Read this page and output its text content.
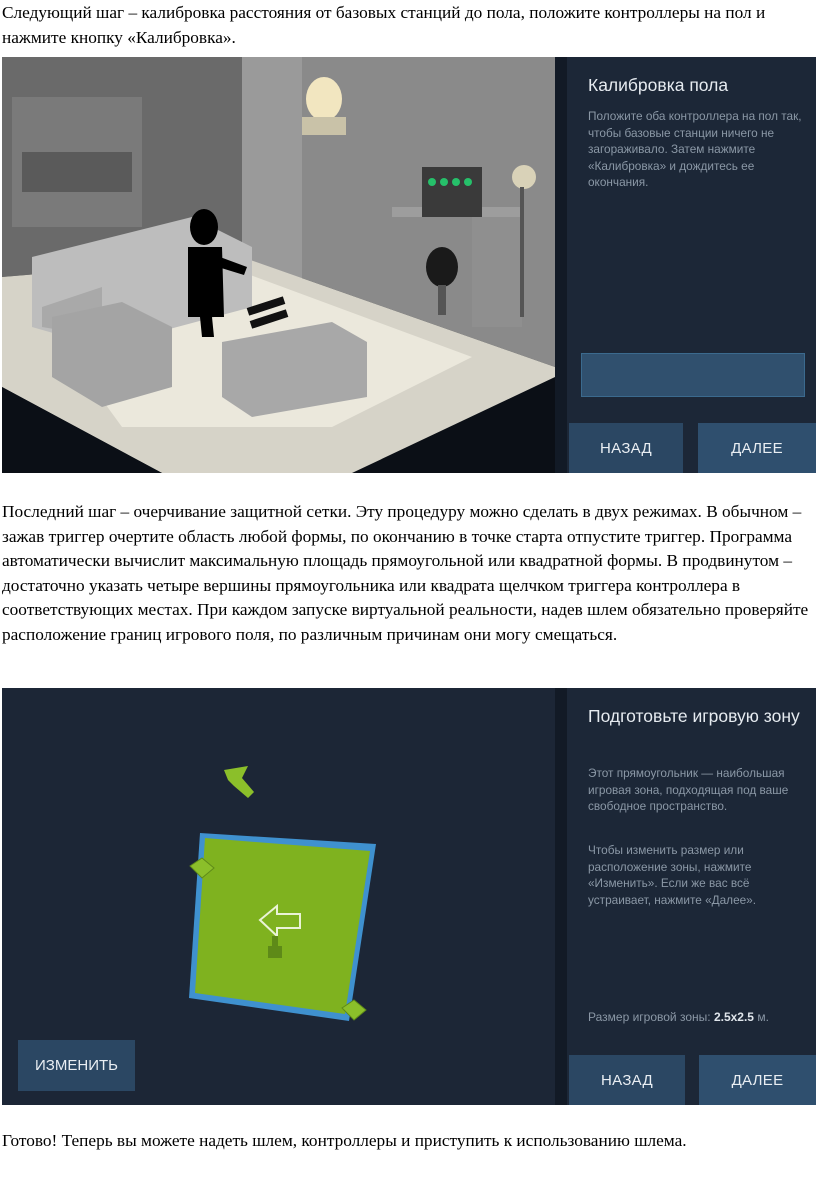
Следующий шаг – калибровка расстояния от базовых станций до пола, положите контроллеры на пол и нажмите кнопку «Калибровка».

Калибровка пола
Положите оба контроллера на пол так, чтобы базовые станции ничего не загораживало. Затем нажмите «Калибровка» и дождитесь ее окончания.
НАЗАД	ДАЛЕЕ

Последний шаг – очерчивание защитной сетки. Эту процедуру можно сделать в двух режимах. В обычном – зажав триггер очертите область любой формы, по окончанию в точке старта отпустите триггер. Программа автоматически вычислит максимальную площадь прямоугольной или квадратной формы. В продвинутом – достаточно указать четыре вершины прямоугольника или квадрата щелчком триггера контроллера в соответствующих местах. При каждом запуске виртуальной реальности, надев шлем обязательно проверяйте расположение границ игрового поля, по различным причинам они могу смещаться.

ИЗМЕНИТЬ
Подготовьте игровую зону
Этот прямоугольник — наибольшая игровая зона, подходящая под ваше свободное пространство.
Чтобы изменить размер или расположение зоны, нажмите «Изменить». Если же вас всё устраивает, нажмите «Далее».
Размер игровой зоны: 2.5x2.5 м.
НАЗАД	ДАЛЕЕ

Готово! Теперь вы можете надеть шлем, контроллеры и приступить к использованию шлема.
